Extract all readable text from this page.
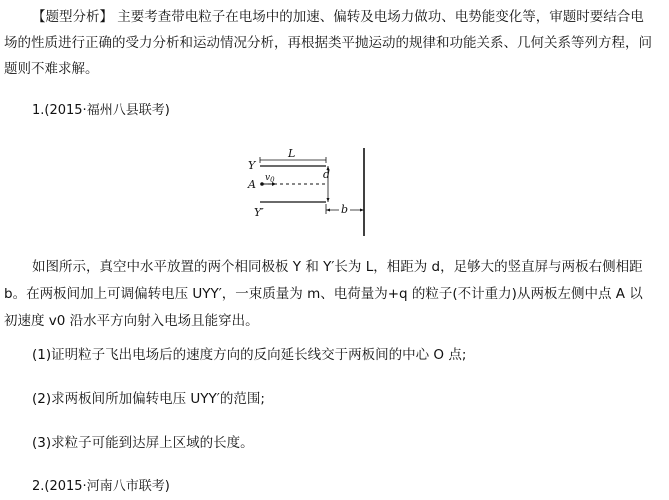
【题型分析】 主要考查带电粒子在电场中的加速、偏转及电场力做功、电势能变化等，审题时要结合电场的性质进行正确的受力分析和运动情况分析，再根据类平抛运动的规律和功能关系、几何关系等列方程，问题则不难求解。

1.(2015·福州八县联考)

Y
Y′
L
A $v_0$	d
b

如图所示，真空中水平放置的两个相同极板 Y 和 Y′长为 L，相距为 d，足够大的竖直屏与两板右侧相距 b。在两板间加上可调偏转电压 UYY′，一束质量为 m、电荷量为+q 的粒子(不计重力)从两板左侧中点 A 以初速度 v0 沿水平方向射入电场且能穿出。

(1)证明粒子飞出电场后的速度方向的反向延长线交于两板间的中心 O 点;

(2)求两板间所加偏转电压 UYY′的范围;

(3)求粒子可能到达屏上区域的长度。

2.(2015·河南八市联考)
